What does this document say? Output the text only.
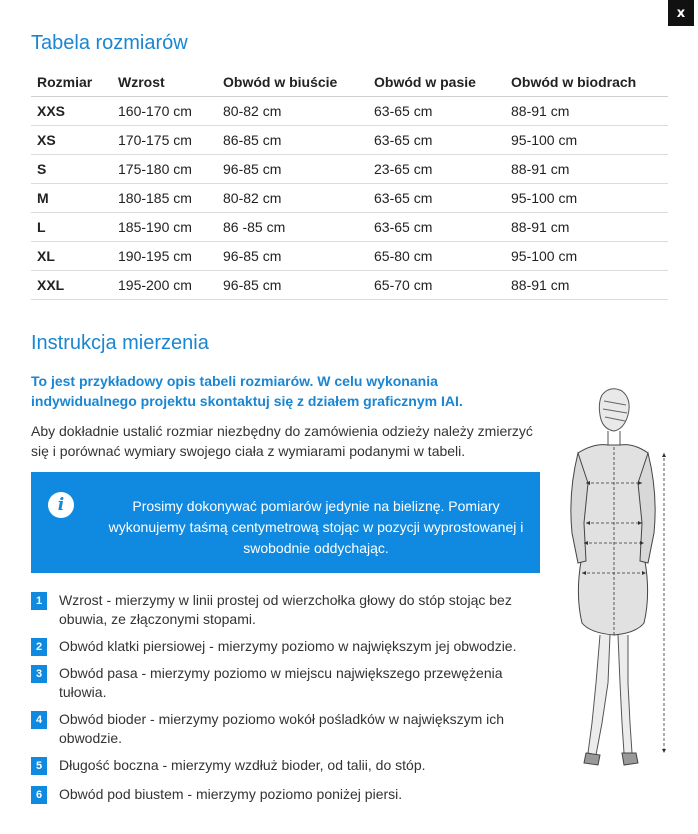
x
Tabela rozmiarów
Rozmiar	Wzrost	Obwód w biuście	Obwód w pasie	Obwód w biodrach
XXS	160-170 cm	80-82 cm	63-65 cm	88-91 cm
XS	170-175 cm	86-85 cm	63-65 cm	95-100 cm
S	175-180 cm	96-85 cm	23-65 cm	88-91 cm
M	180-185 cm	80-82 cm	63-65 cm	95-100 cm
L	185-190 cm	86 -85 cm	63-65 cm	88-91 cm
XL	190-195 cm	96-85 cm	65-80 cm	95-100 cm
XXL	195-200 cm	96-85 cm	65-70 cm	88-91 cm
Instrukcja mierzenia
To jest przykładowy opis tabeli rozmiarów. W celu wykonania indywidualnego projektu skontaktuj się z działem graficznym IAI.
Aby dokładnie ustalić rozmiar niezbędny do zamówienia odzieży należy zmierzyć się i porównać wymiary swojego ciała z wymiarami podanymi w tabeli.
i	Prosimy dokonywać pomiarów jedynie na bieliznę. Pomiary wykonujemy taśmą centymetrową stojąc w pozycji wyprostowanej i swobodnie oddychając.
1	Wzrost - mierzymy w linii prostej od wierzchołka głowy do stóp stojąc bez obuwia, ze złączonymi stopami.
2	Obwód klatki piersiowej - mierzymy poziomo w największym jej obwodzie.
3	Obwód pasa - mierzymy poziomo w miejscu największego przewężenia tułowia.
4	Obwód bioder - mierzymy poziomo wokół pośladków w największym ich obwodzie.
5	Długość boczna - mierzymy wzdłuż bioder, od talii, do stóp.
6	Obwód pod biustem - mierzymy poziomo poniżej piersi.
